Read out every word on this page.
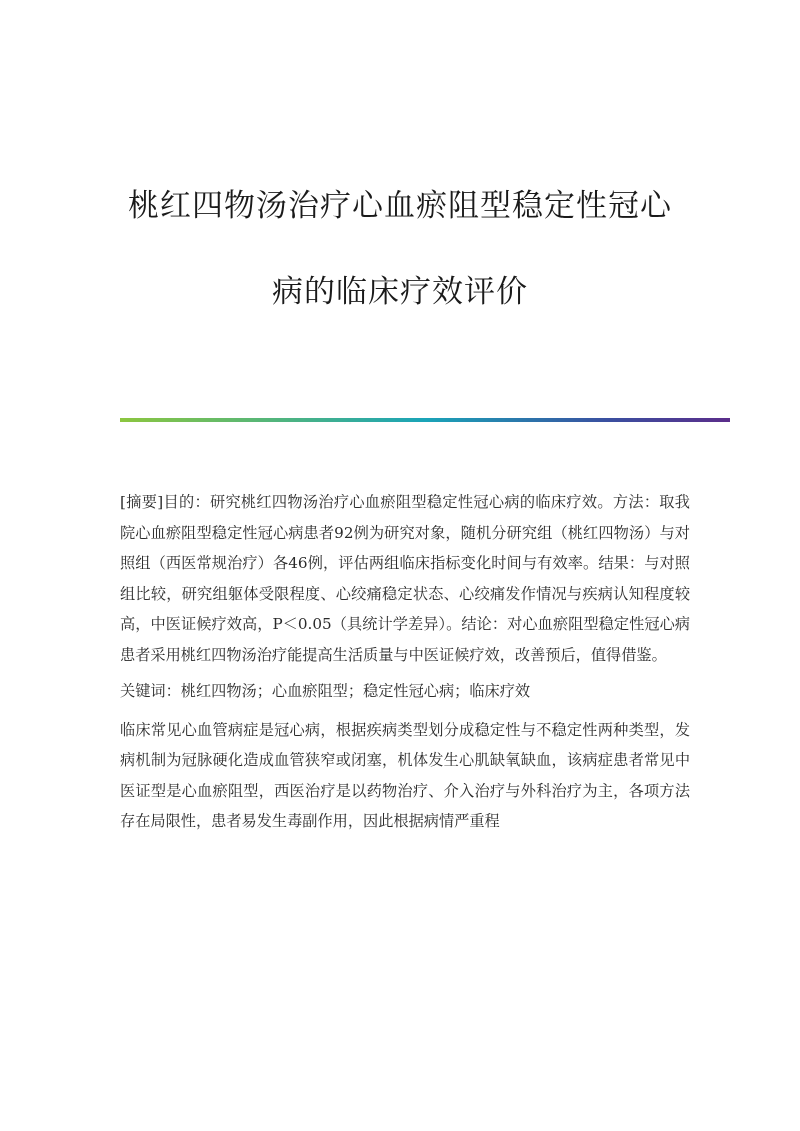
桃红四物汤治疗心血瘀阻型稳定性冠心
病的临床疗效评价

[摘要]目的：研究桃红四物汤治疗心血瘀阻型稳定性冠心病的临床疗效。方法：取我院心血瘀阻型稳定性冠心病患者92例为研究对象，随机分研究组（桃红四物汤）与对照组（西医常规治疗）各46例，评估两组临床指标变化时间与有效率。结果：与对照组比较，研究组躯体受限程度、心绞痛稳定状态、心绞痛发作情况与疾病认知程度较高，中医证候疗效高，P＜0.05（具统计学差异）。结论：对心血瘀阻型稳定性冠心病患者采用桃红四物汤治疗能提高生活质量与中医证候疗效，改善预后，值得借鉴。

关键词：桃红四物汤；心血瘀阻型；稳定性冠心病；临床疗效

临床常见心血管病症是冠心病，根据疾病类型划分成稳定性与不稳定性两种类型，发病机制为冠脉硬化造成血管狭窄或闭塞，机体发生心肌缺氧缺血，该病症患者常见中医证型是心血瘀阻型，西医治疗是以药物治疗、介入治疗与外科治疗为主，各项方法存在局限性，患者易发生毒副作用，因此根据病情严重程
